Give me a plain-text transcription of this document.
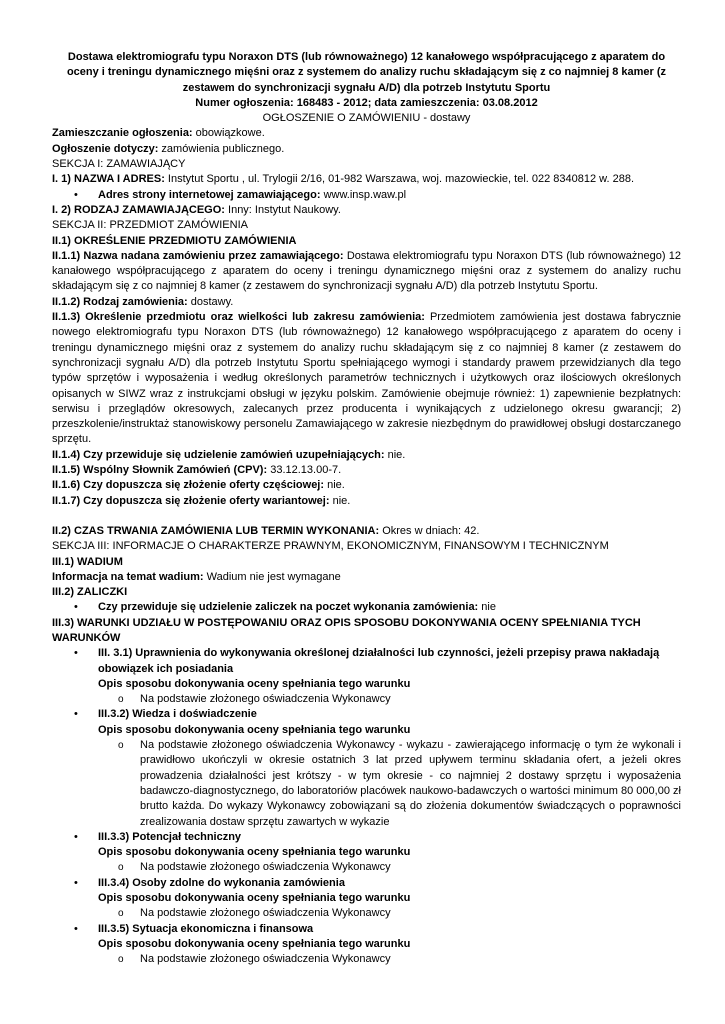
Dostawa elektromiografu typu Noraxon DTS (lub równoważnego) 12 kanałowego współpracującego z aparatem do oceny i treningu dynamicznego mięśni oraz z systemem do analizy ruchu składającym się z co najmniej 8 kamer (z zestawem do synchronizacji sygnału A/D) dla potrzeb Instytutu Sportu

Numer ogłoszenia: 168483 - 2012; data zamieszczenia: 03.08.2012

OGŁOSZENIE O ZAMÓWIENIU - dostawy

Zamieszczanie ogłoszenia: obowiązkowe.

Ogłoszenie dotyczy: zamówienia publicznego.

SEKCJA I: ZAMAWIAJĄCY

I. 1) NAZWA I ADRES: Instytut Sportu , ul. Trylogii 2/16, 01-982 Warszawa, woj. mazowieckie, tel. 022 8340812 w. 288.

• Adres strony internetowej zamawiającego: www.insp.waw.pl

I. 2) RODZAJ ZAMAWIAJĄCEGO: Inny: Instytut Naukowy.

SEKCJA II: PRZEDMIOT ZAMÓWIENIA

II.1) OKREŚLENIE PRZEDMIOTU ZAMÓWIENIA

II.1.1) Nazwa nadana zamówieniu przez zamawiającego: Dostawa elektromiografu typu Noraxon DTS (lub równoważnego) 12 kanałowego współpracującego z aparatem do oceny i treningu dynamicznego mięśni oraz z systemem do analizy ruchu składającym się z co najmniej 8 kamer (z zestawem do synchronizacji sygnału A/D) dla potrzeb Instytutu Sportu.

II.1.2) Rodzaj zamówienia: dostawy.

II.1.3) Określenie przedmiotu oraz wielkości lub zakresu zamówienia: Przedmiotem zamówienia jest dostawa fabrycznie nowego elektromiografu typu Noraxon DTS (lub równoważnego) 12 kanałowego współpracującego z aparatem do oceny i treningu dynamicznego mięśni oraz z systemem do analizy ruchu składającym się z co najmniej 8 kamer (z zestawem do synchronizacji sygnału A/D) dla potrzeb Instytutu Sportu spełniającego wymogi i standardy prawem przewidzianych dla tego typów sprzętów i wyposażenia i według określonych parametrów technicznych i użytkowych oraz ilościowych określonych opisanych w SIWZ wraz z instrukcjami obsługi w języku polskim. Zamówienie obejmuje również: 1) zapewnienie bezpłatnych: serwisu i przeglądów okresowych, zalecanych przez producenta i wynikających z udzielonego okresu gwarancji; 2) przeszkolenie/instruktaż stanowiskowy personelu Zamawiającego w zakresie niezbędnym do prawidłowej obsługi dostarczanego sprzętu.

II.1.4) Czy przewiduje się udzielenie zamówień uzupełniających: nie.

II.1.5) Wspólny Słownik Zamówień (CPV): 33.12.13.00-7.

II.1.6) Czy dopuszcza się złożenie oferty częściowej: nie.

II.1.7) Czy dopuszcza się złożenie oferty wariantowej: nie.

II.2) CZAS TRWANIA ZAMÓWIENIA LUB TERMIN WYKONANIA: Okres w dniach: 42.

SEKCJA III: INFORMACJE O CHARAKTERZE PRAWNYM, EKONOMICZNYM, FINANSOWYM I TECHNICZNYM

III.1) WADIUM

Informacja na temat wadium: Wadium nie jest wymagane

III.2) ZALICZKI

• Czy przewiduje się udzielenie zaliczek na poczet wykonania zamówienia: nie

III.3) WARUNKI UDZIAŁU W POSTĘPOWANIU ORAZ OPIS SPOSOBU DOKONYWANIA OCENY SPEŁNIANIA TYCH WARUNKÓW

• III. 3.1) Uprawnienia do wykonywania określonej działalności lub czynności, jeżeli przepisy prawa nakładają obowiązek ich posiadania
Opis sposobu dokonywania oceny spełniania tego warunku
o Na podstawie złożonego oświadczenia Wykonawcy
• III.3.2) Wiedza i doświadczenie
Opis sposobu dokonywania oceny spełniania tego warunku
o Na podstawie złożonego oświadczenia Wykonawcy - wykazu - zawierającego informację o tym że wykonali i prawidłowo ukończyli w okresie ostatnich 3 lat przed upływem terminu składania ofert, a jeżeli okres prowadzenia działalności jest krótszy - w tym okresie - co najmniej 2 dostawy sprzętu i wyposażenia badawczo-diagnostycznego, do laboratoriów placówek naukowo-badawczych o wartości minimum 80 000,00 zł brutto każda. Do wykazy Wykonawcy zobowiązani są do złożenia dokumentów świadczących o poprawności zrealizowania dostaw sprzętu zawartych w wykazie
• III.3.3) Potencjał techniczny
Opis sposobu dokonywania oceny spełniania tego warunku
o Na podstawie złożonego oświadczenia Wykonawcy
• III.3.4) Osoby zdolne do wykonania zamówienia
Opis sposobu dokonywania oceny spełniania tego warunku
o Na podstawie złożonego oświadczenia Wykonawcy
• III.3.5) Sytuacja ekonomiczna i finansowa
Opis sposobu dokonywania oceny spełniania tego warunku
o Na podstawie złożonego oświadczenia Wykonawcy
